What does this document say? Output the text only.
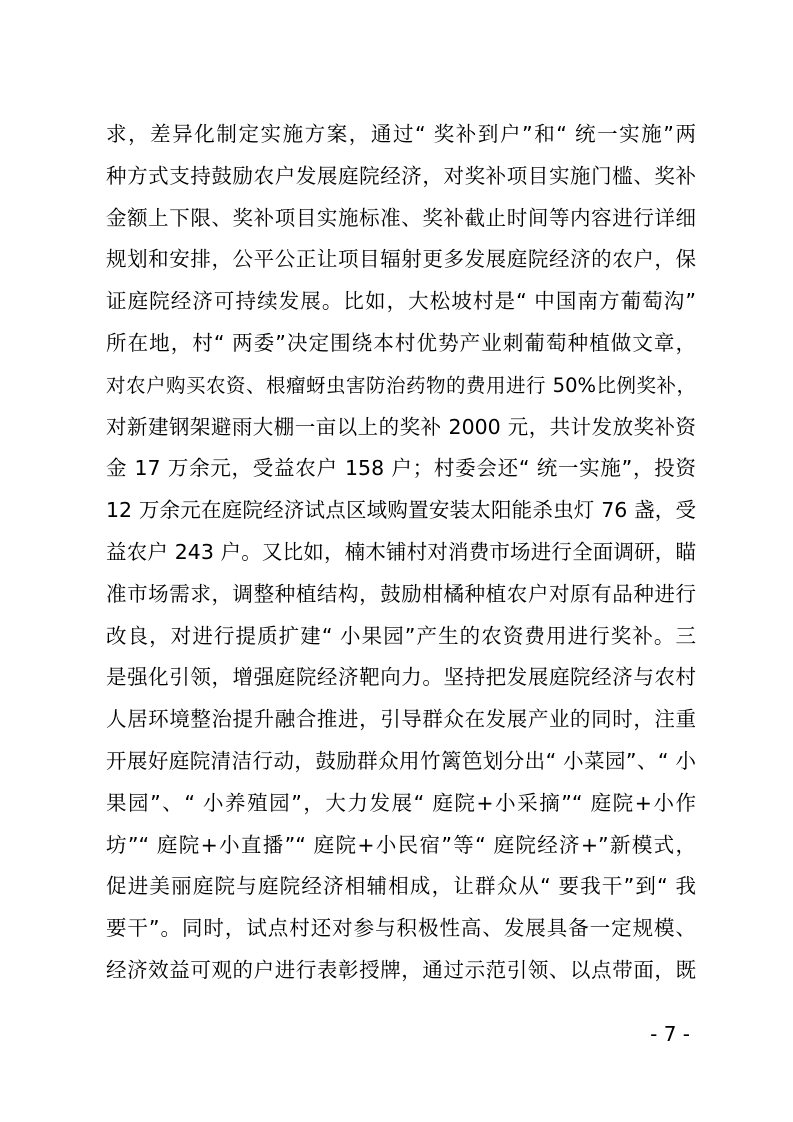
求，差异化制定实施方案，通过“ 奖补到户”和“ 统一实施”两
种方式支持鼓励农户发展庭院经济，对奖补项目实施门槛、奖补
金额上下限、奖补项目实施标准、奖补截止时间等内容进行详细
规划和安排，公平公正让项目辐射更多发展庭院经济的农户，保
证庭院经济可持续发展。比如，大松坡村是“ 中国南方葡萄沟”
所在地，村“ 两委”决定围绕本村优势产业刺葡萄种植做文章，
对农户购买农资、根瘤蚜虫害防治药物的费用进行 50%比例奖补，
对新建钢架避雨大棚一亩以上的奖补 2000 元，共计发放奖补资
金 17 万余元，受益农户 158 户；村委会还“ 统一实施”，投资
12 万余元在庭院经济试点区域购置安装太阳能杀虫灯 76 盏，受
益农户 243 户。又比如，楠木铺村对消费市场进行全面调研，瞄
准市场需求，调整种植结构，鼓励柑橘种植农户对原有品种进行
改良，对进行提质扩建“ 小果园”产生的农资费用进行奖补。三
是强化引领，增强庭院经济靶向力。坚持把发展庭院经济与农村
人居环境整治提升融合推进，引导群众在发展产业的同时，注重
开展好庭院清洁行动，鼓励群众用竹篱笆划分出“ 小菜园”、“ 小
果园”、“ 小养殖园”，大力发展“ 庭院+小采摘”“ 庭院+小作
坊”“ 庭院+小直播”“ 庭院+小民宿”等“ 庭院经济+”新模式，
促进美丽庭院与庭院经济相辅相成，让群众从“ 要我干”到“ 我
要干”。同时，试点村还对参与积极性高、发展具备一定规模、
经济效益可观的户进行表彰授牌，通过示范引领、以点带面，既
- 7 -
